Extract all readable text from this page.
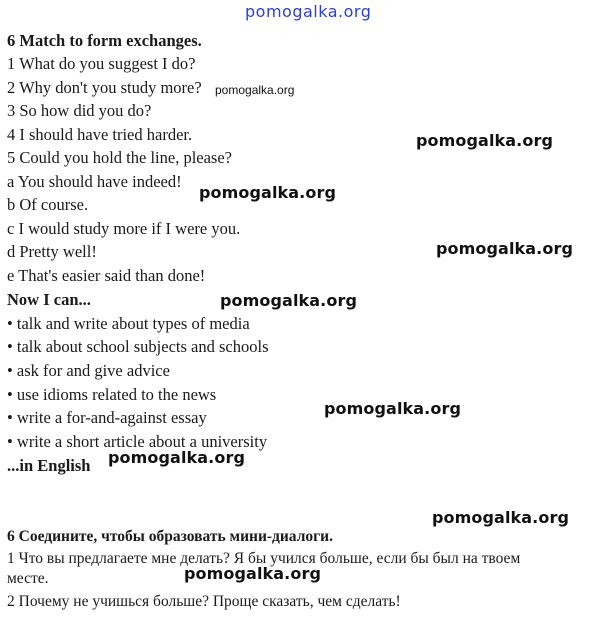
pomogalka.org
6 Match to form exchanges.
1 What do you suggest I do?
2 Why don't you study more?
3 So how did you do?
4 I should have tried harder.
5 Could you hold the line, please?
a You should have indeed!
b Of course.
c I would study more if I were you.
d Pretty well!
e That's easier said than done!
Now I can...
• talk and write about types of media
• talk about school subjects and schools
• ask for and give advice
• use idioms related to the news
• write a for-and-against essay
• write a short article about a university
...in English
6 Соедините, чтобы образовать мини-диалоги.
1 Что вы предлагаете мне делать? Я бы учился больше, если бы был на твоем
месте.
2 Почему не учишься больше? Проще сказать, чем сделать!
pomogalka.org
pomogalka.org
pomogalka.org
pomogalka.org
pomogalka.org
pomogalka.org
pomogalka.org
pomogalka.org
pomogalka.org
